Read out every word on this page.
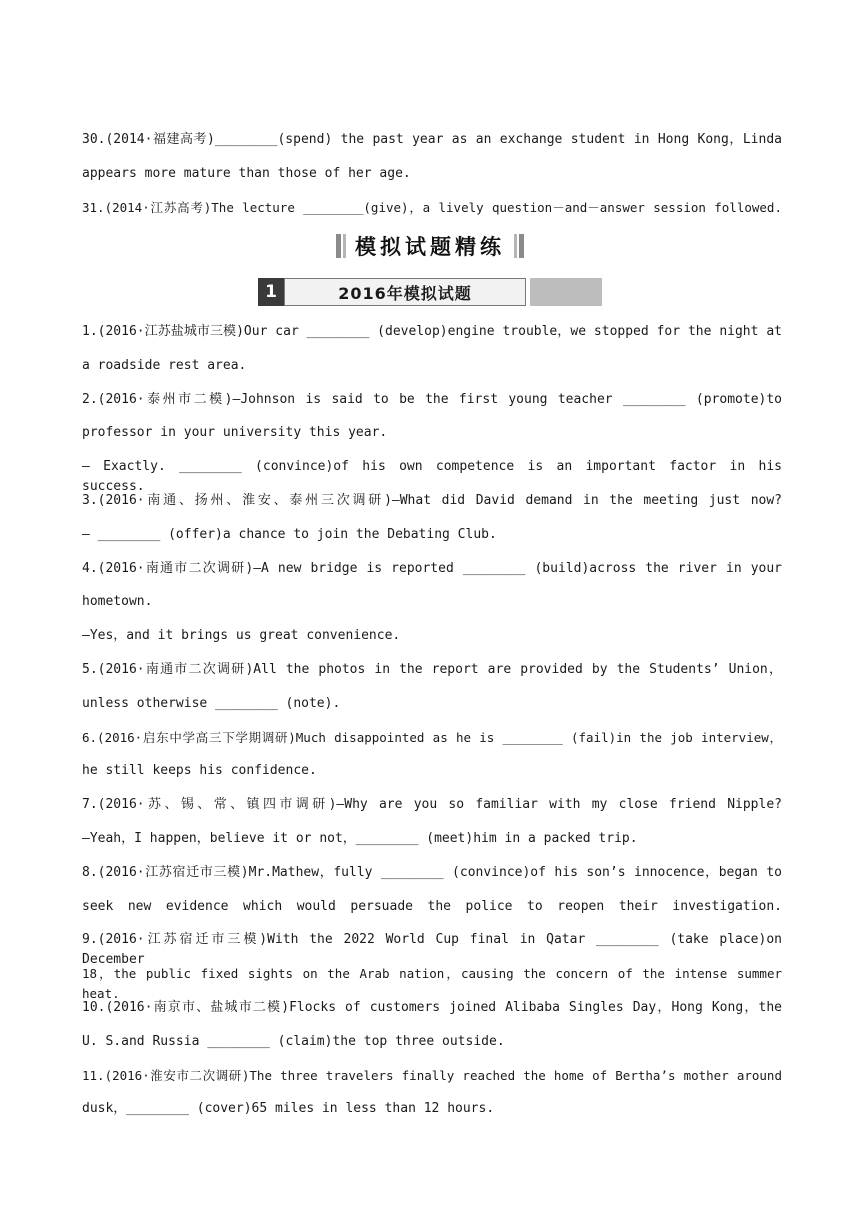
30.(2014·福建高考)________(spend) the past year as an exchange student in Hong Kong，Linda
appears more mature than those of her age.
31.(2014·江苏高考)The lecture ________(give)，a lively question－and－answer session followed.
模拟试题精练
1	2016年模拟试题
1.(2016·江苏盐城市三模)Our car ________ (develop)engine trouble，we stopped for the night at
a roadside rest area.
2.(2016·泰州市二模)—Johnson is said to be the first young teacher ________ (promote)to
professor in your university this year.
— Exactly. ________ (convince)of his own competence is an important factor in his success.
3.(2016·南通、扬州、淮安、泰州三次调研)—What did David demand in the meeting just now?
— ________ (offer)a chance to join the Debating Club.
4.(2016·南通市二次调研)—A new bridge is reported ________ (build)across the river in your
hometown.
—Yes，and it brings us great convenience.
5.(2016·南通市二次调研)All the photos in the report are provided by the Students’ Union，
unless otherwise ________ (note).
6.(2016·启东中学高三下学期调研)Much disappointed as he is ________ (fail)in the job interview，
he still keeps his confidence.
7.(2016·苏、锡、常、镇四市调研)—Why are you so familiar with my close friend Nipple?
—Yeah，I happen，believe it or not，________ (meet)him in a packed trip.
8.(2016·江苏宿迁市三模)Mr.Mathew，fully ________ (convince)of his son’s innocence，began to
seek new evidence which would persuade the police to reopen their investigation.
9.(2016·江苏宿迁市三模)With the 2022 World Cup final in Qatar ________ (take place)on December
18，the public fixed sights on the Arab nation，causing the concern of the intense summer heat.
10.(2016·南京市、盐城市二模)Flocks of customers joined Alibaba Singles Day，Hong Kong，the
U. S.and Russia ________ (claim)the top three outside.
11.(2016·淮安市二次调研)The three travelers finally reached the home of Bertha’s mother around
dusk，________ (cover)65 miles in less than 12 hours.
